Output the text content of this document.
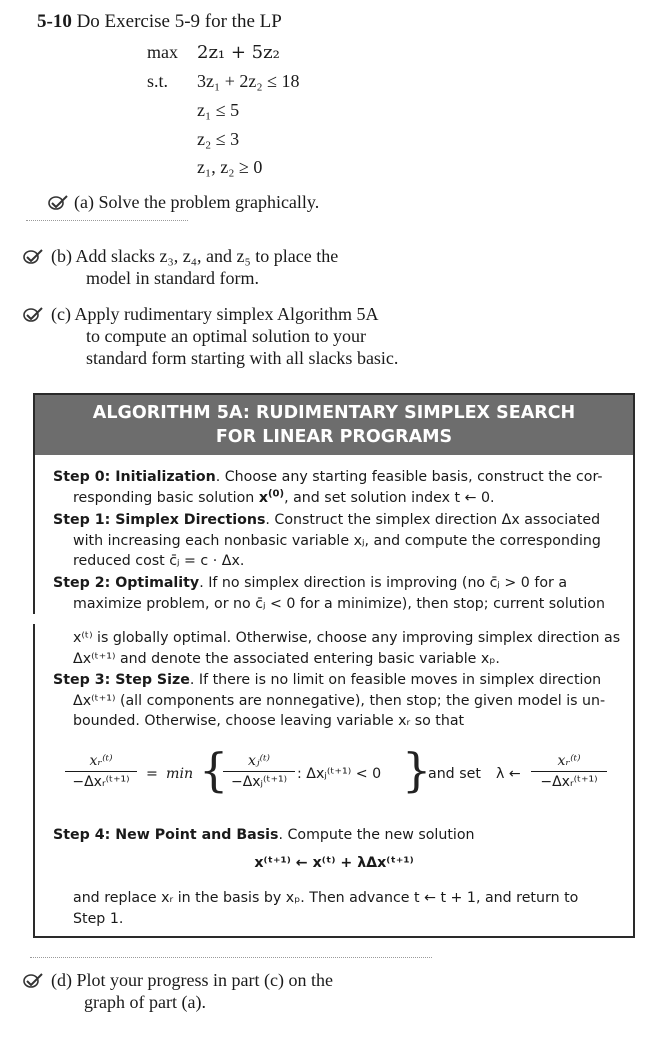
5-10 Do Exercise 5-9 for the LP
max 2z₁ + 5z₂
s.t. 3z₁ + 2z₂ ≤ 18
z₁ ≤ 5
z₂ ≤ 3
z₁, z₂ ≥ 0
(a) Solve the problem graphically.
(b) Add slacks z₃, z₄, and z₅ to place the
model in standard form.
(c) Apply rudimentary simplex Algorithm 5A
to compute an optimal solution to your
standard form starting with all slacks basic.
ALGORITHM 5A: RUDIMENTARY SIMPLEX SEARCH
FOR LINEAR PROGRAMS
Step 0: Initialization. Choose any starting feasible basis, construct the cor-
responding basic solution $x^{(0)}$, and set solution index t ← 0.
Step 1: Simplex Directions. Construct the simplex direction Δx associated
with increasing each nonbasic variable xⱼ, and compute the corresponding
reduced cost c̄ⱼ = c · Δx.
Step 2: Optimality. If no simplex direction is improving (no c̄ⱼ > 0 for a
maximize problem, or no c̄ⱼ < 0 for a minimize), then stop; current solution
x⁽ᵗ⁾ is globally optimal. Otherwise, choose any improving simplex direction as
Δx⁽ᵗ⁺¹⁾ and denote the associated entering basic variable xₚ.
Step 3: Step Size. If there is no limit on feasible moves in simplex direction
Δx⁽ᵗ⁺¹⁾ (all components are nonnegative), then stop; the given model is un-
bounded. Otherwise, choose leaving variable xᵣ so that
xᵣ⁽ᵗ⁾
−Δxᵣ⁽ᵗ⁺¹⁾	= min {	xⱼ⁽ᵗ⁾
−Δxⱼ⁽ᵗ⁺¹⁾ : Δxⱼ⁽ᵗ⁺¹⁾ < 0 }
and set λ ←
xᵣ⁽ᵗ⁾
−Δxᵣ⁽ᵗ⁺¹⁾
Step 4: New Point and Basis. Compute the new solution
x⁽ᵗ⁺¹⁾ ← x⁽ᵗ⁾ + λΔx⁽ᵗ⁺¹⁾
and replace xᵣ in the basis by xₚ. Then advance t ← t + 1, and return to
Step 1.
(d) Plot your progress in part (c) on the
graph of part (a).
